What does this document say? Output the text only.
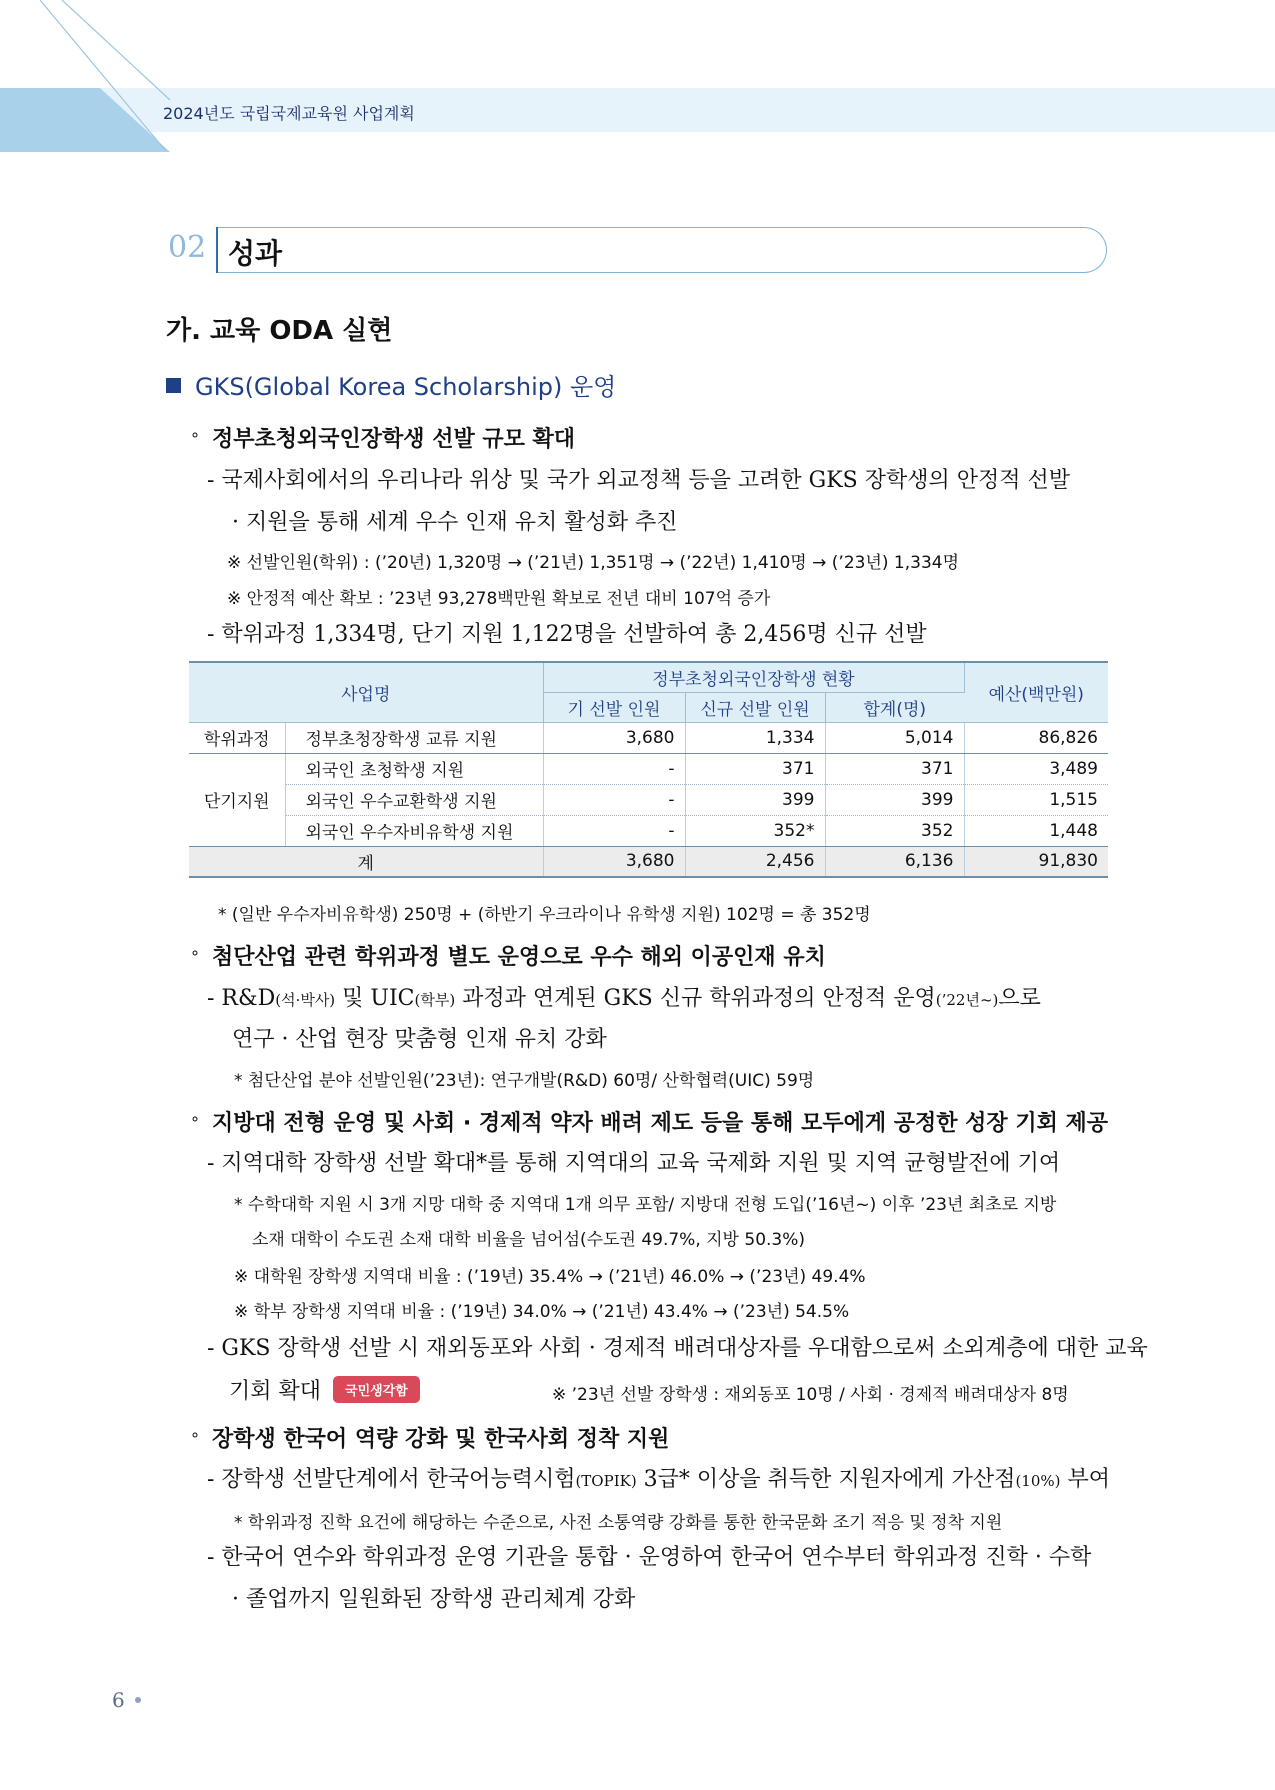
2024년도 국립국제교육원 사업계획
02 성과
가. 교육 ODA 실현
GKS(Global Korea Scholarship) 운영
∘ 정부초청외국인장학생 선발 규모 확대
- 국제사회에서의 우리나라 위상 및 국가 외교정책 등을 고려한 GKS 장학생의 안정적 선발
· 지원을 통해 세계 우수 인재 유치 활성화 추진
※ 선발인원(학위) : (’20년) 1,320명 → (’21년) 1,351명 → (’22년) 1,410명 → (’23년) 1,334명
※ 안정적 예산 확보 : ’23년 93,278백만원 확보로 전년 대비 107억 증가
- 학위과정 1,334명, 단기 지원 1,122명을 선발하여 총 2,456명 신규 선발
사업명		정부초청외국인장학생 현황			예산(백만원)
		기 선발 인원	신규 선발 인원	합계(명)	
학위과정	정부초청장학생 교류 지원	3,680	1,334	5,014	86,826
단기지원	외국인 초청학생 지원	-	371	371	3,489
	외국인 우수교환학생 지원	-	399	399	1,515
	외국인 우수자비유학생 지원	-	352*	352	1,448
계		3,680	2,456	6,136	91,830
* (일반 우수자비유학생) 250명 + (하반기 우크라이나 유학생 지원) 102명 = 총 352명
∘ 첨단산업 관련 학위과정 별도 운영으로 우수 해외 이공인재 유치
- R&D(석·박사) 및 UIC(학부) 과정과 연계된 GKS 신규 학위과정의 안정적 운영(’22년~)으로
연구 · 산업 현장 맞춤형 인재 유치 강화
* 첨단산업 분야 선발인원(’23년): 연구개발(R&D) 60명/ 산학협력(UIC) 59명
∘ 지방대 전형 운영 및 사회 · 경제적 약자 배려 제도 등을 통해 모두에게 공정한 성장 기회 제공
- 지역대학 장학생 선발 확대*를 통해 지역대의 교육 국제화 지원 및 지역 균형발전에 기여
* 수학대학 지원 시 3개 지망 대학 중 지역대 1개 의무 포함/ 지방대 전형 도입(’16년~) 이후 ’23년 최초로 지방
소재 대학이 수도권 소재 대학 비율을 넘어섬(수도권 49.7%, 지방 50.3%)
※ 대학원 장학생 지역대 비율 : (’19년) 35.4% → (’21년) 46.0% → (’23년) 49.4%
※ 학부 장학생 지역대 비율 : (’19년) 34.0% → (’21년) 43.4% → (’23년) 54.5%
- GKS 장학생 선발 시 재외동포와 사회 · 경제적 배려대상자를 우대함으로써 소외계층에 대한 교육
기회 확대 국민생각함	※ ’23년 선발 장학생 : 재외동포 10명 / 사회 · 경제적 배려대상자 8명
∘ 장학생 한국어 역량 강화 및 한국사회 정착 지원
- 장학생 선발단계에서 한국어능력시험(TOPIK) 3급* 이상을 취득한 지원자에게 가산점(10%) 부여
* 학위과정 진학 요건에 해당하는 수준으로, 사전 소통역량 강화를 통한 한국문화 조기 적응 및 정착 지원
- 한국어 연수와 학위과정 운영 기관을 통합 · 운영하여 한국어 연수부터 학위과정 진학 · 수학
· 졸업까지 일원화된 장학생 관리체계 강화
6
